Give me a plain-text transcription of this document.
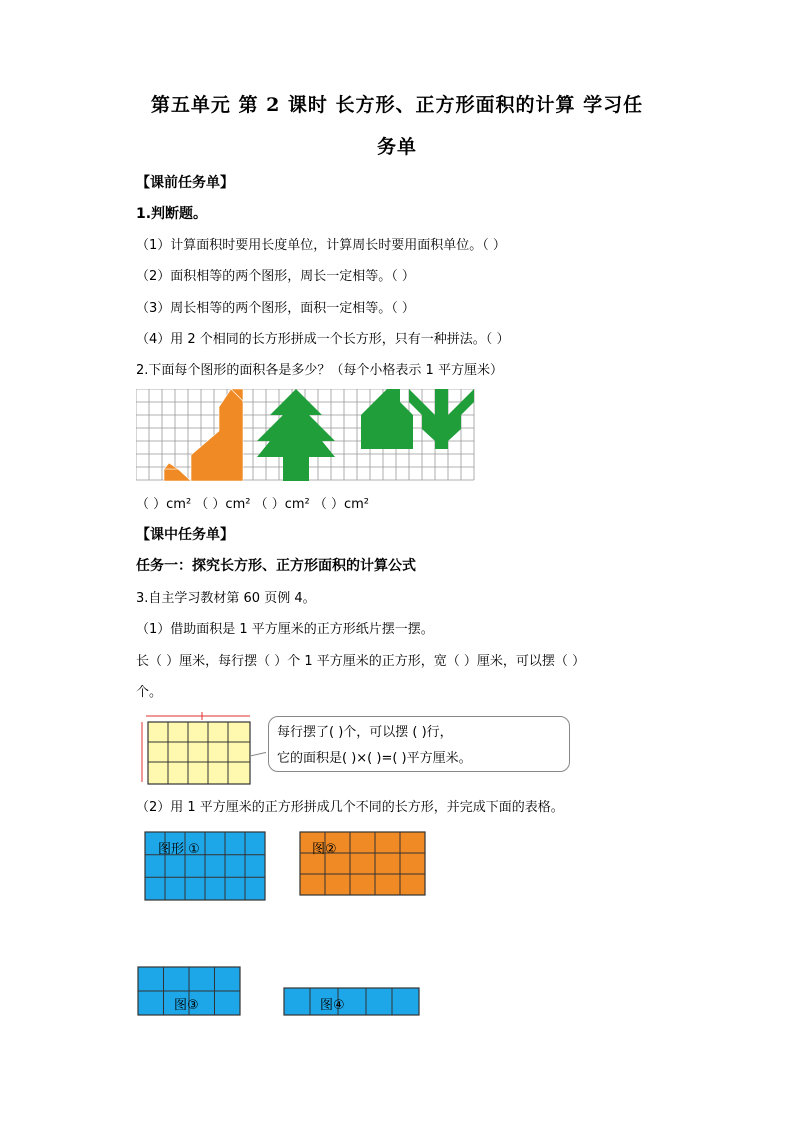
第五单元 第 2 课时 长方形、正方形面积的计算 学习任
务单
【课前任务单】
1.判断题。
（1）计算面积时要用长度单位，计算周长时要用面积单位。（ ）
（2）面积相等的两个图形，周长一定相等。（ ）
（3）周长相等的两个图形，面积一定相等。（ ）
（4）用 2 个相同的长方形拼成一个长方形，只有一种拼法。（ ）
2.下面每个图形的面积各是多少？（每个小格表示 1 平方厘米）
（ ）cm² （ ）cm² （ ）cm² （ ）cm²
【课中任务单】
任务一：探究长方形、正方形面积的计算公式
3.自主学习教材第 60 页例 4。
（1）借助面积是 1 平方厘米的正方形纸片摆一摆。
长（ ）厘米，每行摆（ ）个 1 平方厘米的正方形，宽（ ）厘米，可以摆（ ）
个。
每行摆了( )个，可以摆 ( )行，
它的面积是( )×( )=( )平方厘米。
（2）用 1 平方厘米的正方形拼成几个不同的长方形，并完成下面的表格。
图形 ①	图②
图③	图④
